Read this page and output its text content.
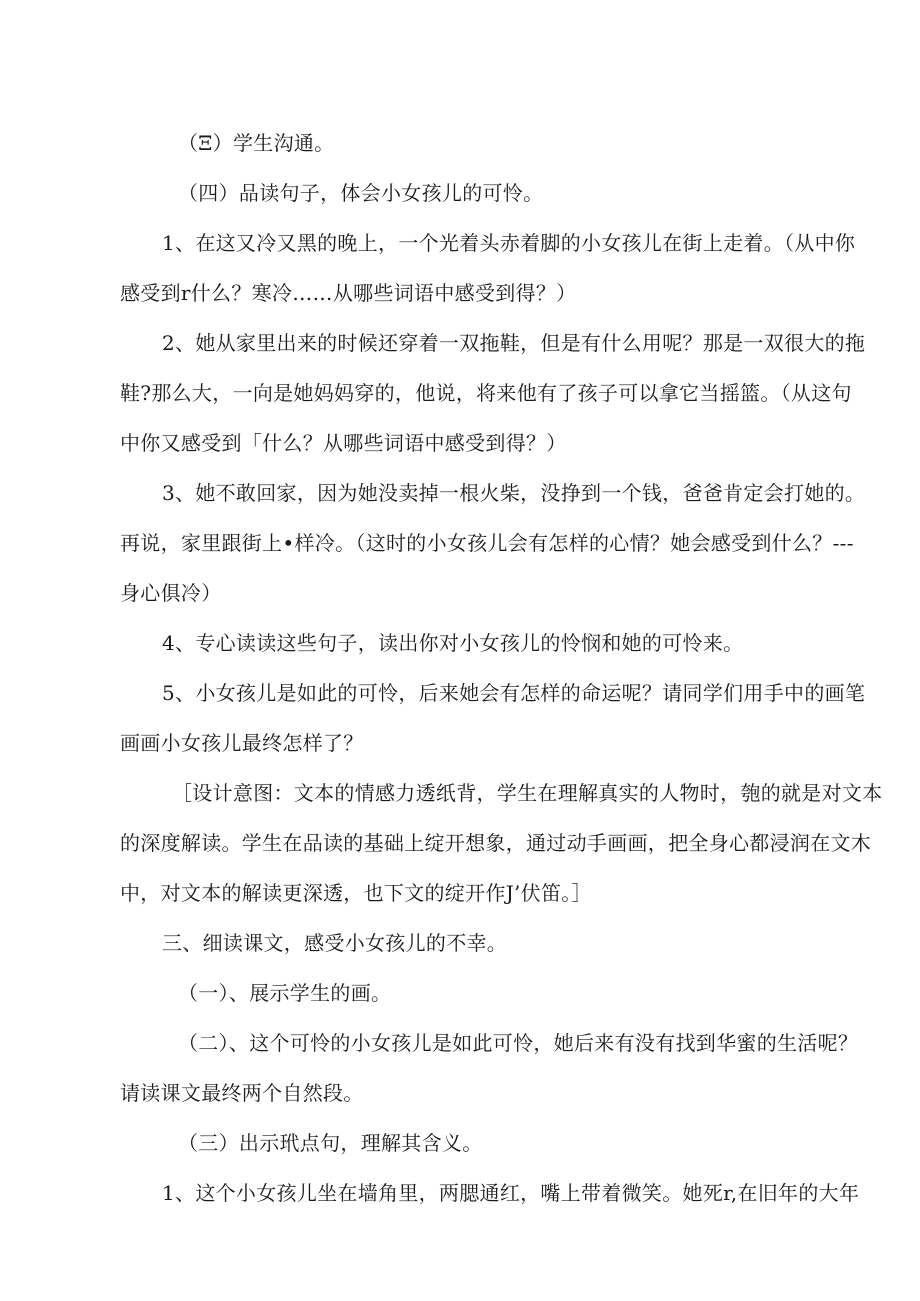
（Ξ）学生沟通。
（四）品读句子，体会小女孩儿的可怜。
1、在这又冷又黑的晚上，一个光着头赤着脚的小女孩儿在街上走着。（从中你
感受到r什么？寒冷……从哪些词语中感受到得？）
2、她从家里出来的时候还穿着一双拖鞋，但是有什么用呢？那是一双很大的拖
鞋?那么大，一向是她妈妈穿的，他说，将来他有了孩子可以拿它当摇篮。（从这句
中你又感受到「什么？从哪些词语中感受到得？）
3、她不敢回家，因为她没卖掉一根火柴，没挣到一个钱，爸爸肯定会打她的。
再说，家里跟街上•样冷。（这时的小女孩儿会有怎样的心情？她会感受到什么？---
身心俱冷）
4、专心读读这些句子，读出你对小女孩儿的怜悯和她的可怜来。
5、小女孩儿是如此的可怜，后来她会有怎样的命运呢？请同学们用手中的画笔
画画小女孩儿最终怎样了？
［设计意图：文本的情感力透纸背，学生在理解真实的人物时，匏的就是对文本
的深度解读。学生在品读的基础上绽开想象，通过动手画画，把全身心都浸润在文木
中，对文本的解读更深透，也下文的绽开作J’伏笛。］
三、细读课文，感受小女孩儿的不幸。
（一）、展示学生的画。
（二）、这个可怜的小女孩儿是如此可怜，她后来有没有找到华蜜的生活呢？
请读课文最终两个自然段。
（三）出示玳点句，理解其含义。
1、这个小女孩儿坐在墙角里，两腮通红，嘴上带着微笑。她死r,在旧年的大年
